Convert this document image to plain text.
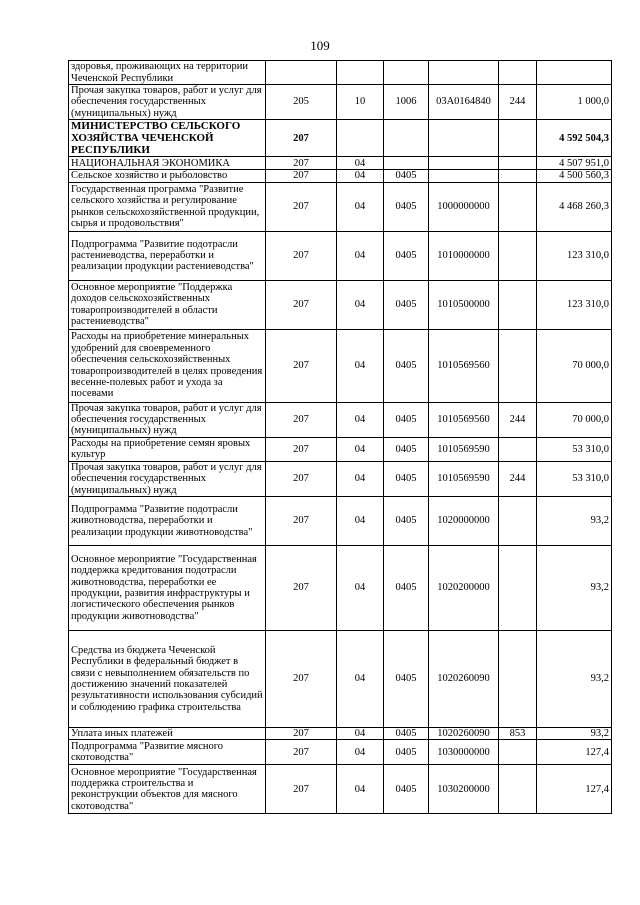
109
здоровья, проживающих на территории Чеченской Республики						
Прочая закупка товаров, работ и услуг для обеспечения государственных (муниципальных) нужд	205	10	1006	03А0164840	244	1 000,0
МИНИСТЕРСТВО СЕЛЬСКОГО ХОЗЯЙСТВА ЧЕЧЕНСКОЙ РЕСПУБЛИКИ	207					4 592 504,3
НАЦИОНАЛЬНАЯ ЭКОНОМИКА	207	04				4 507 951,0
Сельское хозяйство и рыболовство	207	04	0405			4 500 560,3
Государственная программа "Развитие сельского хозяйства и регулирование рынков сельскохозяйственной продукции, сырья и продовольствия"	207	04	0405	1000000000		4 468 260,3
Подпрограмма "Развитие подотрасли растениеводства, переработки и реализации продукции растениеводства"	207	04	0405	1010000000		123 310,0
Основное мероприятие "Поддержка доходов сельскохозяйственных товаропроизводителей в области растениеводства"	207	04	0405	1010500000		123 310,0
Расходы на приобретение минеральных удобрений для своевременного обеспечения сельскохозяйственных товаропроизводителей в целях проведения весенне-полевых работ и ухода за посевами	207	04	0405	1010569560		70 000,0
Прочая закупка товаров, работ и услуг для обеспечения государственных (муниципальных) нужд	207	04	0405	1010569560	244	70 000,0
Расходы на приобретение семян яровых культур	207	04	0405	1010569590		53 310,0
Прочая закупка товаров, работ и услуг для обеспечения государственных (муниципальных) нужд	207	04	0405	1010569590	244	53 310,0
Подпрограмма "Развитие подотрасли животноводства, переработки и реализации продукции животноводства"	207	04	0405	1020000000		93,2
Основное мероприятие "Государственная поддержка кредитования подотрасли животноводства, переработки ее продукции, развития инфраструктуры и логистического обеспечения рынков продукции животноводства"	207	04	0405	1020200000		93,2
Средства из бюджета Чеченской Республики в федеральный бюджет в связи с невыполнением обязательств по достижению значений показателей результативности использования субсидий и соблюдению графика строительства	207	04	0405	1020260090		93,2
Уплата иных платежей	207	04	0405	1020260090	853	93,2
Подпрограмма "Развитие мясного скотоводства"	207	04	0405	1030000000		127,4
Основное мероприятие "Государственная поддержка строительства и реконструкции объектов для мясного скотоводства"	207	04	0405	1030200000		127,4
